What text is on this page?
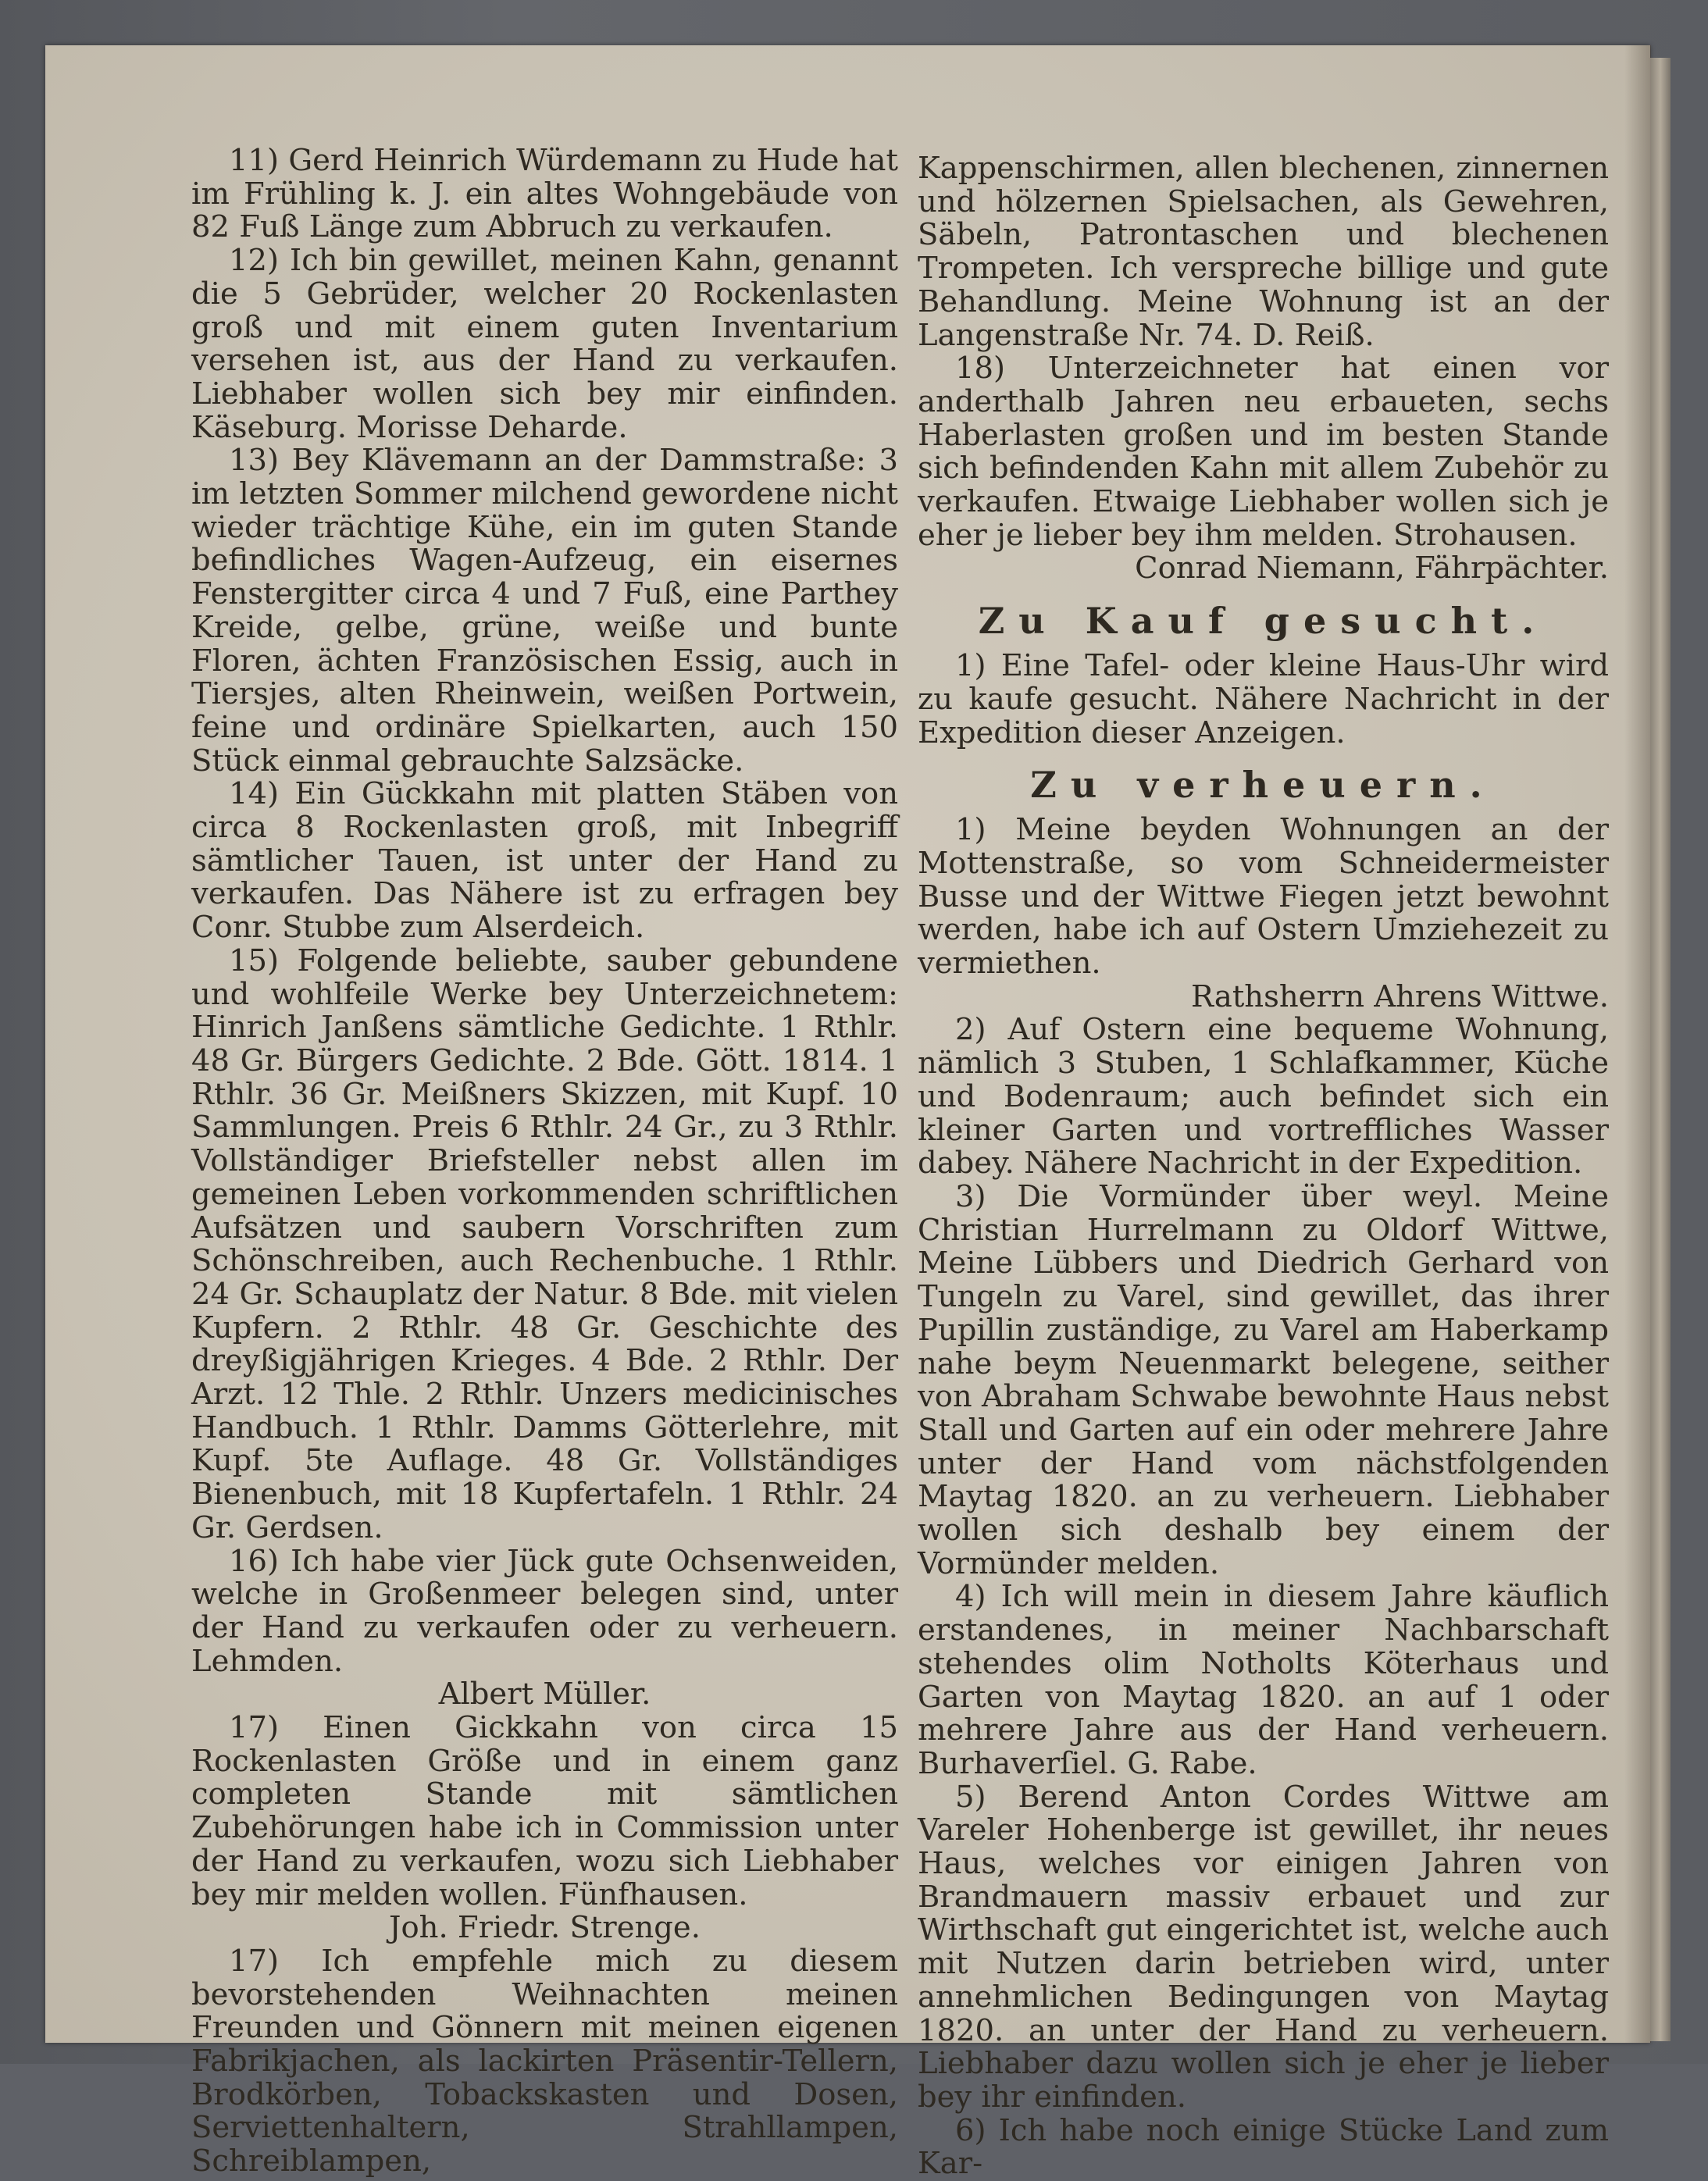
11) Gerd Heinrich Würdemann zu Hude hat im Frühling k. J. ein altes Wohngebäude von 82 Fuß Länge zum Abbruch zu verkaufen.

12) Ich bin gewillet, meinen Kahn, genannt die 5 Gebrüder, welcher 20 Rockenlasten groß und mit einem guten Inventarium versehen ist, aus der Hand zu verkaufen. Liebhaber wollen sich bey mir einfinden. Käseburg. Morisse Deharde.

13) Bey Klävemann an der Dammstraße: 3 im letzten Sommer milchend gewordene nicht wieder trächtige Kühe, ein im guten Stande befindliches Wagen-Aufzeug, ein eisernes Fenstergitter circa 4 und 7 Fuß, eine Parthey Kreide, gelbe, grüne, weiße und bunte Floren, ächten Französischen Essig, auch in Tiersjes, alten Rheinwein, weißen Portwein, feine und ordinäre Spielkarten, auch 150 Stück einmal gebrauchte Salzsäcke.

14) Ein Gückkahn mit platten Stäben von circa 8 Rockenlasten groß, mit Inbegriff sämtlicher Tauen, ist unter der Hand zu verkaufen. Das Nähere ist zu erfragen bey Conr. Stubbe zum Alserdeich.

15) Folgende beliebte, sauber gebundene und wohlfeile Werke bey Unterzeichnetem: Hinrich Janßens sämtliche Gedichte. 1 Rthlr. 48 Gr. Bürgers Gedichte. 2 Bde. Gött. 1814. 1 Rthlr. 36 Gr. Meißners Skizzen, mit Kupf. 10 Sammlungen. Preis 6 Rthlr. 24 Gr., zu 3 Rthlr. Vollständiger Briefsteller nebst allen im gemeinen Leben vorkommenden schriftlichen Aufsätzen und saubern Vorschriften zum Schönschreiben, auch Rechenbuche. 1 Rthlr. 24 Gr. Schauplatz der Natur. 8 Bde. mit vielen Kupfern. 2 Rthlr. 48 Gr. Geschichte des dreyßigjährigen Krieges. 4 Bde. 2 Rthlr. Der Arzt. 12 Thle. 2 Rthlr. Unzers medicinisches Handbuch. 1 Rthlr. Damms Götterlehre, mit Kupf. 5te Auflage. 48 Gr. Vollständiges Bienenbuch, mit 18 Kupfertafeln. 1 Rthlr. 24 Gr. Gerdsen.

16) Ich habe vier Jück gute Ochsenweiden, welche in Großenmeer belegen sind, unter der Hand zu verkaufen oder zu verheuern. Lehmden.

Albert Müller.

17) Einen Gickkahn von circa 15 Rockenlasten Größe und in einem ganz completen Stande mit sämtlichen Zubehörungen habe ich in Commission unter der Hand zu verkaufen, wozu sich Liebhaber bey mir melden wollen. Fünfhausen.

Joh. Friedr. Strenge.

17) Ich empfehle mich zu diesem bevorstehenden Weihnachten meinen Freunden und Gönnern mit meinen eigenen Fabrikjachen, als lackirten Präsentir-Tellern, Brodkörben, Tobackskasten und Dosen, Serviettenhaltern, Strahllampen, Schreiblampen,

Kappenschirmen, allen blechenen, zinnernen und hölzernen Spielsachen, als Gewehren, Säbeln, Patrontaschen und blechenen Trompeten. Ich verspreche billige und gute Behandlung. Meine Wohnung ist an der Langenstraße Nr. 74. D. Reiß.

18) Unterzeichneter hat einen vor anderthalb Jahren neu erbaueten, sechs Haberlasten großen und im besten Stande sich befindenden Kahn mit allem Zubehör zu verkaufen. Etwaige Liebhaber wollen sich je eher je lieber bey ihm melden. Strohausen.

Conrad Niemann, Fährpächter.

Zu Kauf gesucht.

1) Eine Tafel- oder kleine Haus-Uhr wird zu kaufe gesucht. Nähere Nachricht in der Expedition dieser Anzeigen.

Zu verheuern.

1) Meine beyden Wohnungen an der Mottenstraße, so vom Schneidermeister Busse und der Wittwe Fiegen jetzt bewohnt werden, habe ich auf Ostern Umziehezeit zu vermiethen.

Rathsherrn Ahrens Wittwe.

2) Auf Ostern eine bequeme Wohnung, nämlich 3 Stuben, 1 Schlafkammer, Küche und Bodenraum; auch befindet sich ein kleiner Garten und vortreffliches Wasser dabey. Nähere Nachricht in der Expedition.

3) Die Vormünder über weyl. Meine Christian Hurrelmann zu Oldorf Wittwe, Meine Lübbers und Diedrich Gerhard von Tungeln zu Varel, sind gewillet, das ihrer Pupillin zuständige, zu Varel am Haberkamp nahe beym Neuenmarkt belegene, seither von Abraham Schwabe bewohnte Haus nebst Stall und Garten auf ein oder mehrere Jahre unter der Hand vom nächstfolgenden Maytag 1820. an zu verheuern. Liebhaber wollen sich deshalb bey einem der Vormünder melden.

4) Ich will mein in diesem Jahre käuflich erstandenes, in meiner Nachbarschaft stehendes olim Notholts Köterhaus und Garten von Maytag 1820. an auf 1 oder mehrere Jahre aus der Hand verheuern. Burhaverſiel. G. Rabe.

5) Berend Anton Cordes Wittwe am Vareler Hohenberge ist gewillet, ihr neues Haus, welches vor einigen Jahren von Brandmauern massiv erbauet und zur Wirthschaft gut eingerichtet ist, welche auch mit Nutzen darin betrieben wird, unter annehmlichen Bedingungen von Maytag 1820. an unter der Hand zu verheuern. Liebhaber dazu wollen sich je eher je lieber bey ihr einfinden.

6) Ich habe noch einige Stücke Land zum Kar-
